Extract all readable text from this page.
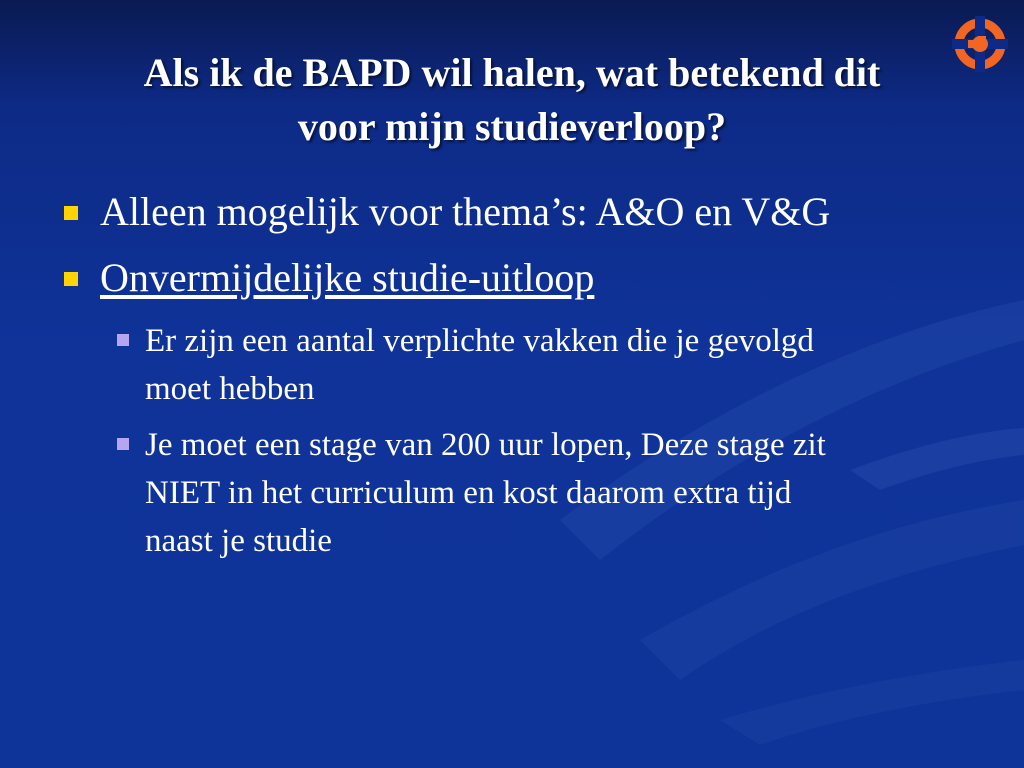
Als ik de BAPD wil halen, wat betekend dit
voor mijn studieverloop?
Alleen mogelijk voor thema’s: A&O en V&G
Onvermijdelijke studie-uitloop
Er zijn een aantal verplichte vakken die je gevolgd
moet hebben
Je moet een stage van 200 uur lopen, Deze stage zit
NIET in het curriculum en kost daarom extra tijd
naast je studie
